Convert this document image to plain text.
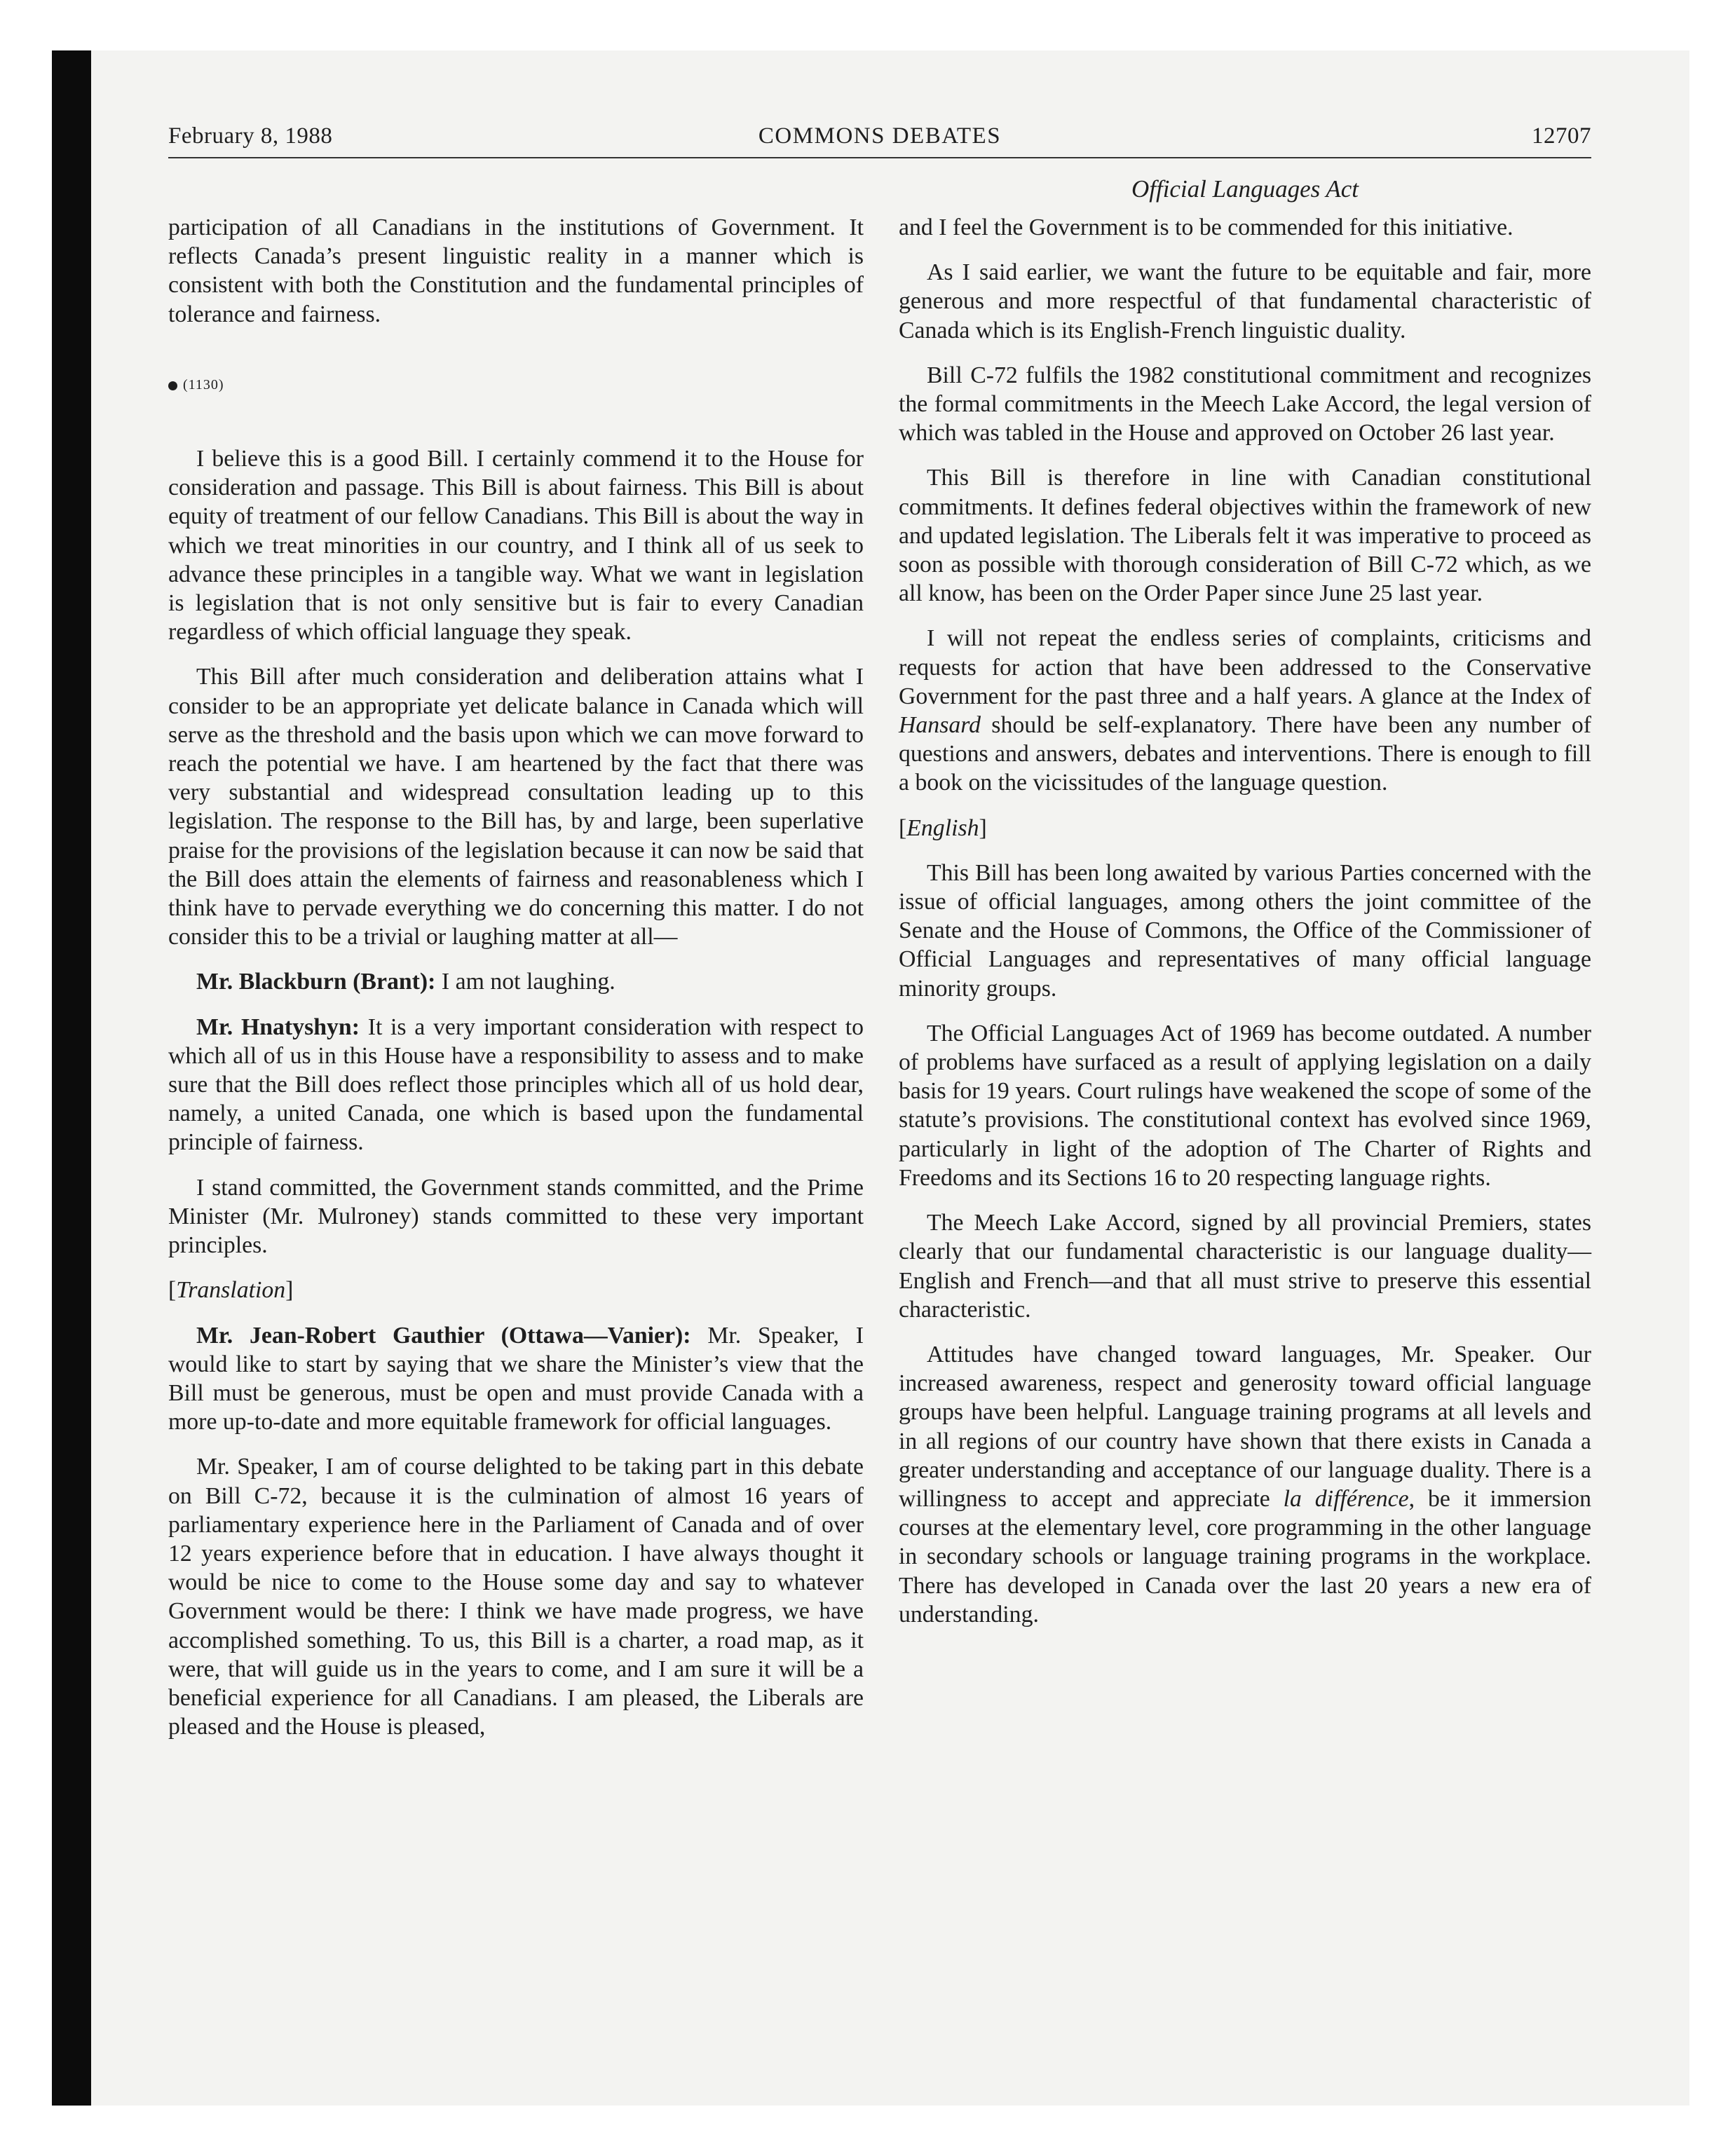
February 8, 1988	COMMONS DEBATES	12707
Official Languages Act

participation of all Canadians in the institutions of Government. It reflects Canada’s present linguistic reality in a manner which is consistent with both the Constitution and the fundamental principles of tolerance and fairness.

(1130)

I believe this is a good Bill. I certainly commend it to the House for consideration and passage. This Bill is about fairness. This Bill is about equity of treatment of our fellow Canadians. This Bill is about the way in which we treat minorities in our country, and I think all of us seek to advance these principles in a tangible way. What we want in legislation is legislation that is not only sensitive but is fair to every Canadian regardless of which official language they speak.

This Bill after much consideration and deliberation attains what I consider to be an appropriate yet delicate balance in Canada which will serve as the threshold and the basis upon which we can move forward to reach the potential we have. I am heartened by the fact that there was very substantial and widespread consultation leading up to this legislation. The response to the Bill has, by and large, been superlative praise for the provisions of the legislation because it can now be said that the Bill does attain the elements of fairness and reasonableness which I think have to pervade everything we do concerning this matter. I do not consider this to be a trivial or laughing matter at all—

Mr. Blackburn (Brant): I am not laughing.

Mr. Hnatyshyn: It is a very important consideration with respect to which all of us in this House have a responsibility to assess and to make sure that the Bill does reflect those principles which all of us hold dear, namely, a united Canada, one which is based upon the fundamental principle of fairness.

I stand committed, the Government stands committed, and the Prime Minister (Mr. Mulroney) stands committed to these very important principles.

[Translation]

Mr. Jean-Robert Gauthier (Ottawa—Vanier): Mr. Speaker, I would like to start by saying that we share the Minister’s view that the Bill must be generous, must be open and must provide Canada with a more up-to-date and more equitable framework for official languages.

Mr. Speaker, I am of course delighted to be taking part in this debate on Bill C-72, because it is the culmination of almost 16 years of parliamentary experience here in the Parliament of Canada and of over 12 years experience before that in education. I have always thought it would be nice to come to the House some day and say to whatever Government would be there: I think we have made progress, we have accomplished something. To us, this Bill is a charter, a road map, as it were, that will guide us in the years to come, and I am sure it will be a beneficial experience for all Canadians. I am pleased, the Liberals are pleased and the House is pleased,

and I feel the Government is to be commended for this initiative.

As I said earlier, we want the future to be equitable and fair, more generous and more respectful of that fundamental characteristic of Canada which is its English-French linguistic duality.

Bill C-72 fulfils the 1982 constitutional commitment and recognizes the formal commitments in the Meech Lake Accord, the legal version of which was tabled in the House and approved on October 26 last year.

This Bill is therefore in line with Canadian constitutional commitments. It defines federal objectives within the framework of new and updated legislation. The Liberals felt it was imperative to proceed as soon as possible with thorough consideration of Bill C-72 which, as we all know, has been on the Order Paper since June 25 last year.

I will not repeat the endless series of complaints, criticisms and requests for action that have been addressed to the Conservative Government for the past three and a half years. A glance at the Index of Hansard should be self-explanatory. There have been any number of questions and answers, debates and interventions. There is enough to fill a book on the vicissitudes of the language question.

[English]

This Bill has been long awaited by various Parties concerned with the issue of official languages, among others the joint committee of the Senate and the House of Commons, the Office of the Commissioner of Official Languages and representatives of many official language minority groups.

The Official Languages Act of 1969 has become outdated. A number of problems have surfaced as a result of applying legislation on a daily basis for 19 years. Court rulings have weakened the scope of some of the statute’s provisions. The constitutional context has evolved since 1969, particularly in light of the adoption of The Charter of Rights and Freedoms and its Sections 16 to 20 respecting language rights.

The Meech Lake Accord, signed by all provincial Premiers, states clearly that our fundamental characteristic is our language duality—English and French—and that all must strive to preserve this essential characteristic.

Attitudes have changed toward languages, Mr. Speaker. Our increased awareness, respect and generosity toward official language groups have been helpful. Language training programs at all levels and in all regions of our country have shown that there exists in Canada a greater understanding and acceptance of our language duality. There is a willingness to accept and appreciate la différence, be it immersion courses at the elementary level, core programming in the other language in secondary schools or language training programs in the workplace. There has developed in Canada over the last 20 years a new era of understanding.
